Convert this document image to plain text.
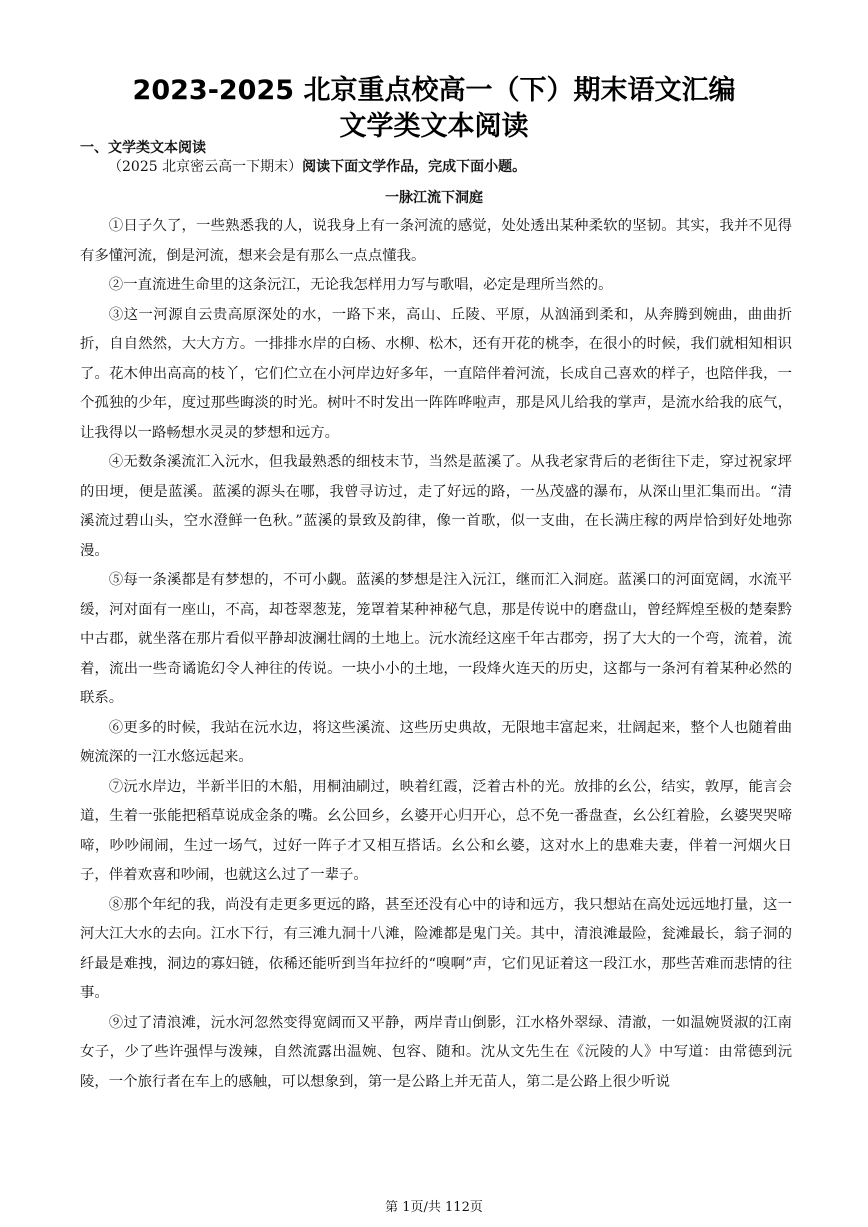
2023-2025 北京重点校高一（下）期末语文汇编
文学类文本阅读
一、文学类文本阅读
（2025 北京密云高一下期末）阅读下面文学作品，完成下面小题。
一脉江流下洞庭

①日子久了，一些熟悉我的人，说我身上有一条河流的感觉，处处透出某种柔软的坚韧。其实，我并不见得有多懂河流，倒是河流，想来会是有那么一点点懂我。

②一直流进生命里的这条沅江，无论我怎样用力写与歌唱，必定是理所当然的。

③这一河源自云贵高原深处的水，一路下来，高山、丘陵、平原，从汹涌到柔和，从奔腾到婉曲，曲曲折折，自自然然，大大方方。一排排水岸的白杨、水柳、松木，还有开花的桃李，在很小的时候，我们就相知相识了。花木伸出高高的枝丫，它们伫立在小河岸边好多年，一直陪伴着河流，长成自己喜欢的样子，也陪伴我，一个孤独的少年，度过那些晦淡的时光。树叶不时发出一阵阵哗啦声，那是风儿给我的掌声，是流水给我的底气，让我得以一路畅想水灵灵的梦想和远方。

④无数条溪流汇入沅水，但我最熟悉的细枝末节，当然是蓝溪了。从我老家背后的老街往下走，穿过祝家坪的田埂，便是蓝溪。蓝溪的源头在哪，我曾寻访过，走了好远的路，一丛茂盛的瀑布，从深山里汇集而出。“清溪流过碧山头，空水澄鲜一色秋。”蓝溪的景致及韵律，像一首歌，似一支曲，在长满庄稼的两岸恰到好处地弥漫。

⑤每一条溪都是有梦想的，不可小觑。蓝溪的梦想是注入沅江，继而汇入洞庭。蓝溪口的河面宽阔，水流平缓，河对面有一座山，不高，却苍翠葱茏，笼罩着某种神秘气息，那是传说中的磨盘山，曾经辉煌至极的楚秦黔中古郡，就坐落在那片看似平静却波澜壮阔的土地上。沅水流经这座千年古郡旁，拐了大大的一个弯，流着，流着，流出一些奇谲诡幻令人神往的传说。一块小小的土地，一段烽火连天的历史，这都与一条河有着某种必然的联系。

⑥更多的时候，我站在沅水边，将这些溪流、这些历史典故，无限地丰富起来，壮阔起来，整个人也随着曲婉流深的一江水悠远起来。

⑦沅水岸边，半新半旧的木船，用桐油刷过，映着红霞，泛着古朴的光。放排的幺公，结实，敦厚，能言会道，生着一张能把稻草说成金条的嘴。幺公回乡，幺婆开心归开心，总不免一番盘查，幺公红着脸，幺婆哭哭啼啼，吵吵闹闹，生过一场气，过好一阵子才又相互搭话。幺公和幺婆，这对水上的患难夫妻，伴着一河烟火日子，伴着欢喜和吵闹，也就这么过了一辈子。

⑧那个年纪的我，尚没有走更多更远的路，甚至还没有心中的诗和远方，我只想站在高处远远地打量，这一河大江大水的去向。江水下行，有三滩九洞十八滩，险滩都是鬼门关。其中，清浪滩最险，瓮滩最长，翁子洞的纤最是难拽，洞边的寡妇链，依稀还能听到当年拉纤的“嗅啊”声，它们见证着这一段江水，那些苦难而悲情的往事。

⑨过了清浪滩，沅水河忽然变得宽阔而又平静，两岸青山倒影，江水格外翠绿、清澈，一如温婉贤淑的江南女子，少了些许强悍与泼辣，自然流露出温婉、包容、随和。沈从文先生在《沅陵的人》中写道：由常德到沅陵，一个旅行者在车上的感触，可以想象到，第一是公路上并无苗人，第二是公路上很少听说

第 1页/共 112页
